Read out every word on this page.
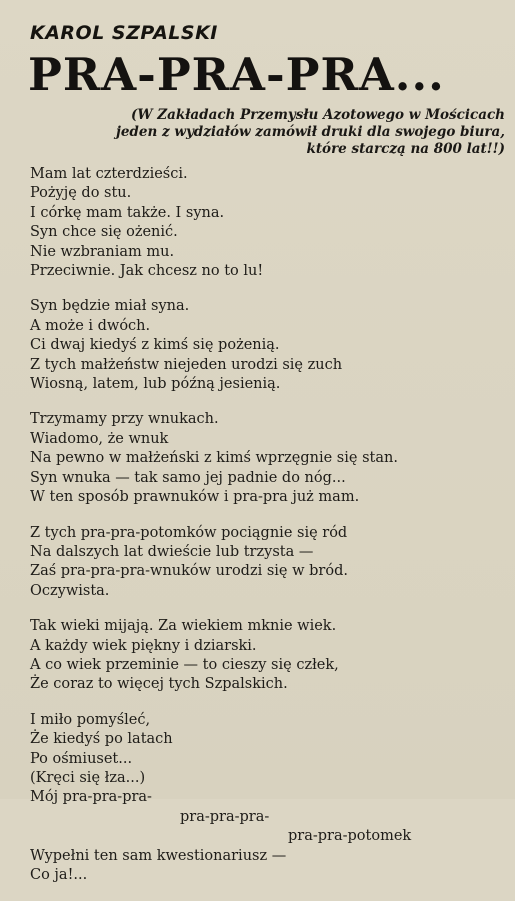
KAROL SZPALSKI
PRA-PRA-PRA...
(W Zakładach Przemysłu Azotowego w Mościcach
jeden z wydziałów zamówił druki dla swojego biura,
które starczą na 800 lat!!)
Mam lat czterdzieści.
Pożyję do stu.
I córkę mam także. I syna.
Syn chce się ożenić.
Nie wzbraniam mu.
Przeciwnie. Jak chcesz no to lu!
Syn będzie miał syna.
A może i dwóch.
Ci dwaj kiedyś z kimś się pożenią.
Z tych małżeństw niejeden urodzi się zuch
Wiosną, latem, lub późną jesienią.
Trzymamy przy wnukach.
Wiadomo, że wnuk
Na pewno w małżeński z kimś wprzęgnie się stan.
Syn wnuka — tak samo jej padnie do nóg...
W ten sposób prawnuków i pra-pra już mam.
Z tych pra-pra-potomków pociągnie się ród
Na dalszych lat dwieście lub trzysta —
Zaś pra-pra-pra-wnuków urodzi się w bród.
Oczywista.
Tak wieki mijają. Za wiekiem mknie wiek.
A każdy wiek piękny i dziarski.
A co wiek przeminie — to cieszy się człek,
Że coraz to więcej tych Szpalskich.
I miło pomyśleć,
Że kiedyś po latach
Po ośmiuset...
(Kręci się łza...)
Mój pra-pra-pra-
pra-pra-pra-
pra-pra-potomek
Wypełni ten sam kwestionariusz —
Co ja!...
